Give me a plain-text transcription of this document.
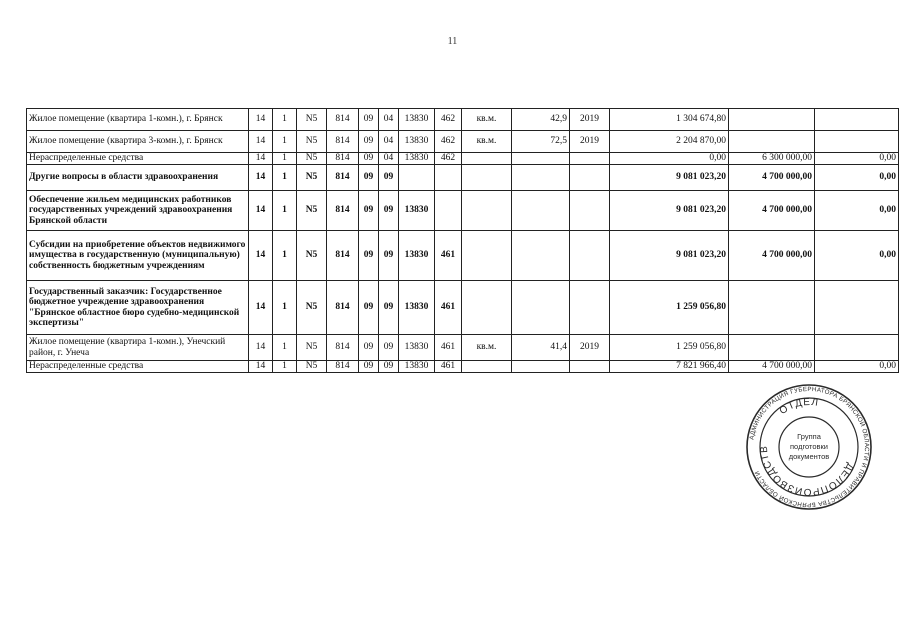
11
Жилое помещение (квартира 1-комн.), г. Брянск	14	1	N5	814	09	04	13830	462	кв.м.	42,9	2019	1 304 674,80		
Жилое помещение (квартира 3-комн.), г. Брянск	14	1	N5	814	09	04	13830	462	кв.м.	72,5	2019	2 204 870,00		
Нераспределенные средства	14	1	N5	814	09	04	13830	462				0,00	6 300 000,00	0,00
Другие вопросы в области здравоохранения	14	1	N5	814	09	09						9 081 023,20	4 700 000,00	0,00
Обеспечение жильем медицинских работников государственных учреждений здравоохранения Брянской области	14	1	N5	814	09	09	13830					9 081 023,20	4 700 000,00	0,00
Субсидии на приобретение объектов недвижимого имущества в государственную (муниципальную) собственность бюджетным учреждениям	14	1	N5	814	09	09	13830	461				9 081 023,20	4 700 000,00	0,00
Государственный заказчик: Государственное бюджетное учреждение здравоохранения "Брянское областное бюро судебно-медицинской экспертизы"	14	1	N5	814	09	09	13830	461				1 259 056,80		
Жилое помещение (квартира 1-комн.), Унечский район, г. Унеча	14	1	N5	814	09	09	13830	461	кв.м.	41,4	2019	1 259 056,80		
Нераспределенные средства	14	1	N5	814	09	09	13830	461				7 821 966,40	4 700 000,00	0,00
АДМИНИСТРАЦИЯ ГУБЕРНАТОРА БРЯНСКОЙ ОБЛАСТИ И ПРАВИТЕЛЬСТВА БРЯНСКОЙ ОБЛАСТИ
ОТДЕЛ
ДЕЛОПРОИЗВОДСТВ
Группа
подготовки
документов
